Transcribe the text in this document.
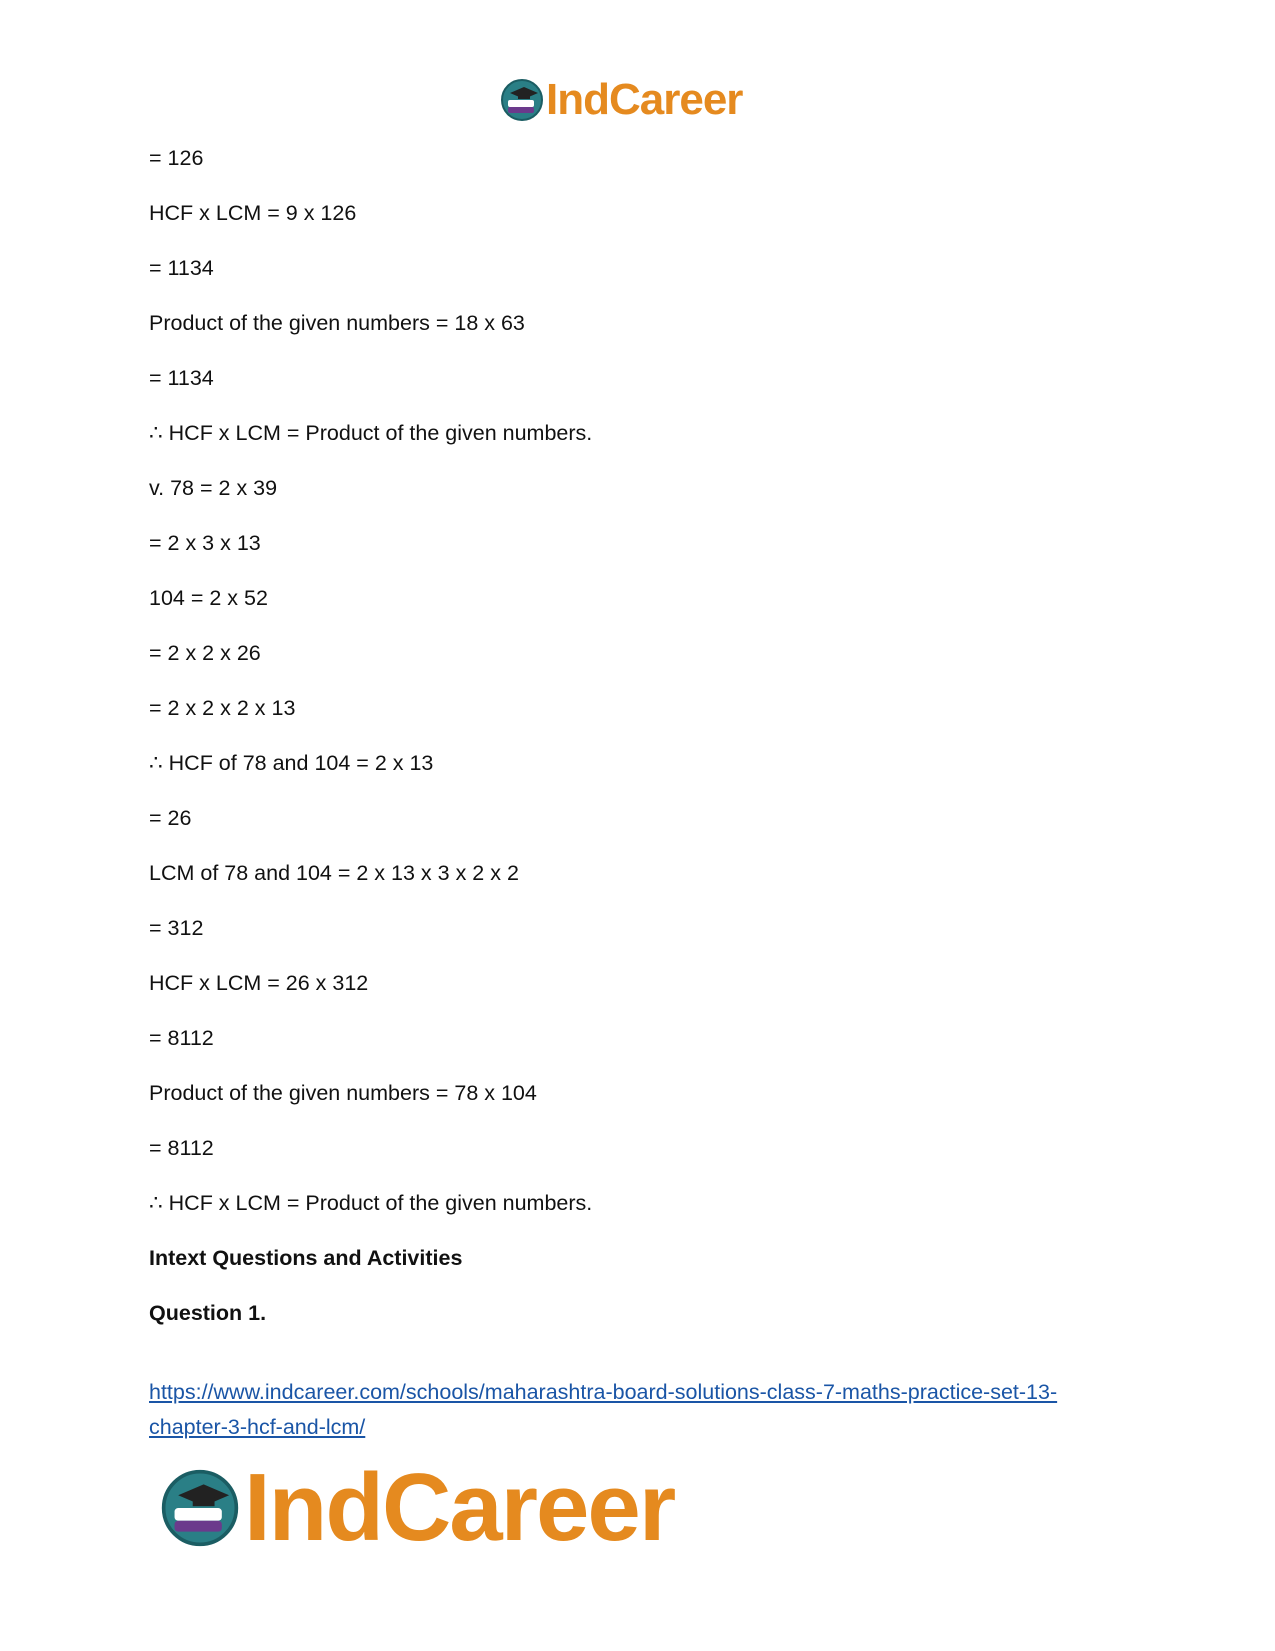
IndCareer
= 126
HCF x LCM = 9 x 126
= 1134
Product of the given numbers = 18 x 63
= 1134
∴ HCF x LCM = Product of the given numbers.
v. 78 = 2 x 39
= 2 x 3 x 13
104 = 2 x 52
= 2 x 2 x 26
= 2 x 2 x 2 x 13
∴ HCF of 78 and 104 = 2 x 13
= 26
LCM of 78 and 104 = 2 x 13 x 3 x 2 x 2
= 312
HCF x LCM = 26 x 312
= 8112
Product of the given numbers = 78 x 104
= 8112
∴ HCF x LCM = Product of the given numbers.
Intext Questions and Activities
Question 1.
https://www.indcareer.com/schools/maharashtra-board-solutions-class-7-maths-practice-set-13-
chapter-3-hcf-and-lcm/
IndCareer
